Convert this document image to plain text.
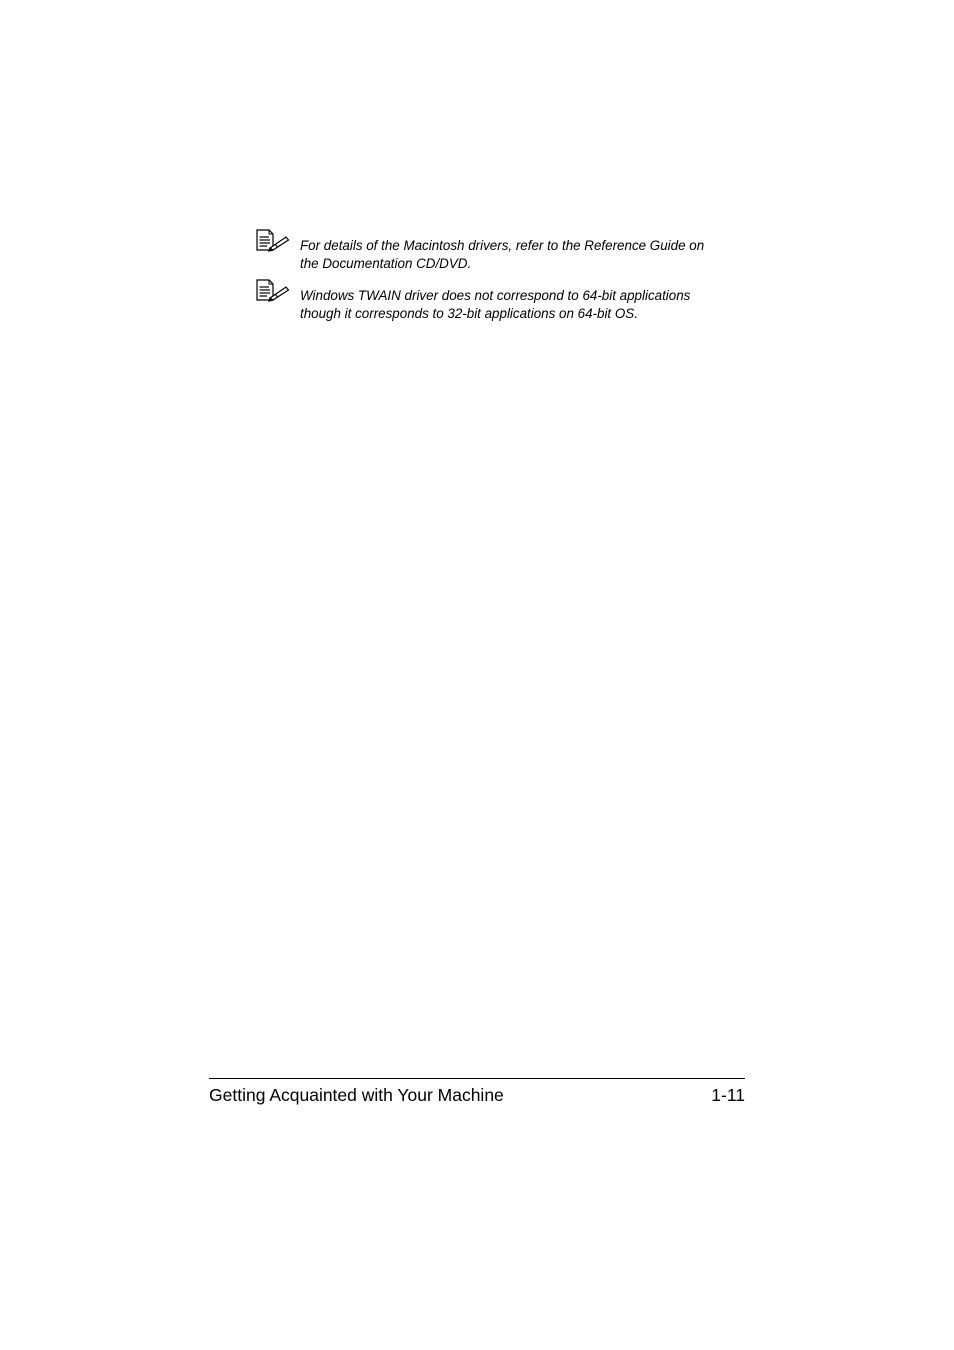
For details of the Macintosh drivers, refer to the Reference Guide on
the Documentation CD/DVD.
Windows TWAIN driver does not correspond to 64-bit applications
though it corresponds to 32-bit applications on 64-bit OS.
Getting Acquainted with Your Machine	1-11
